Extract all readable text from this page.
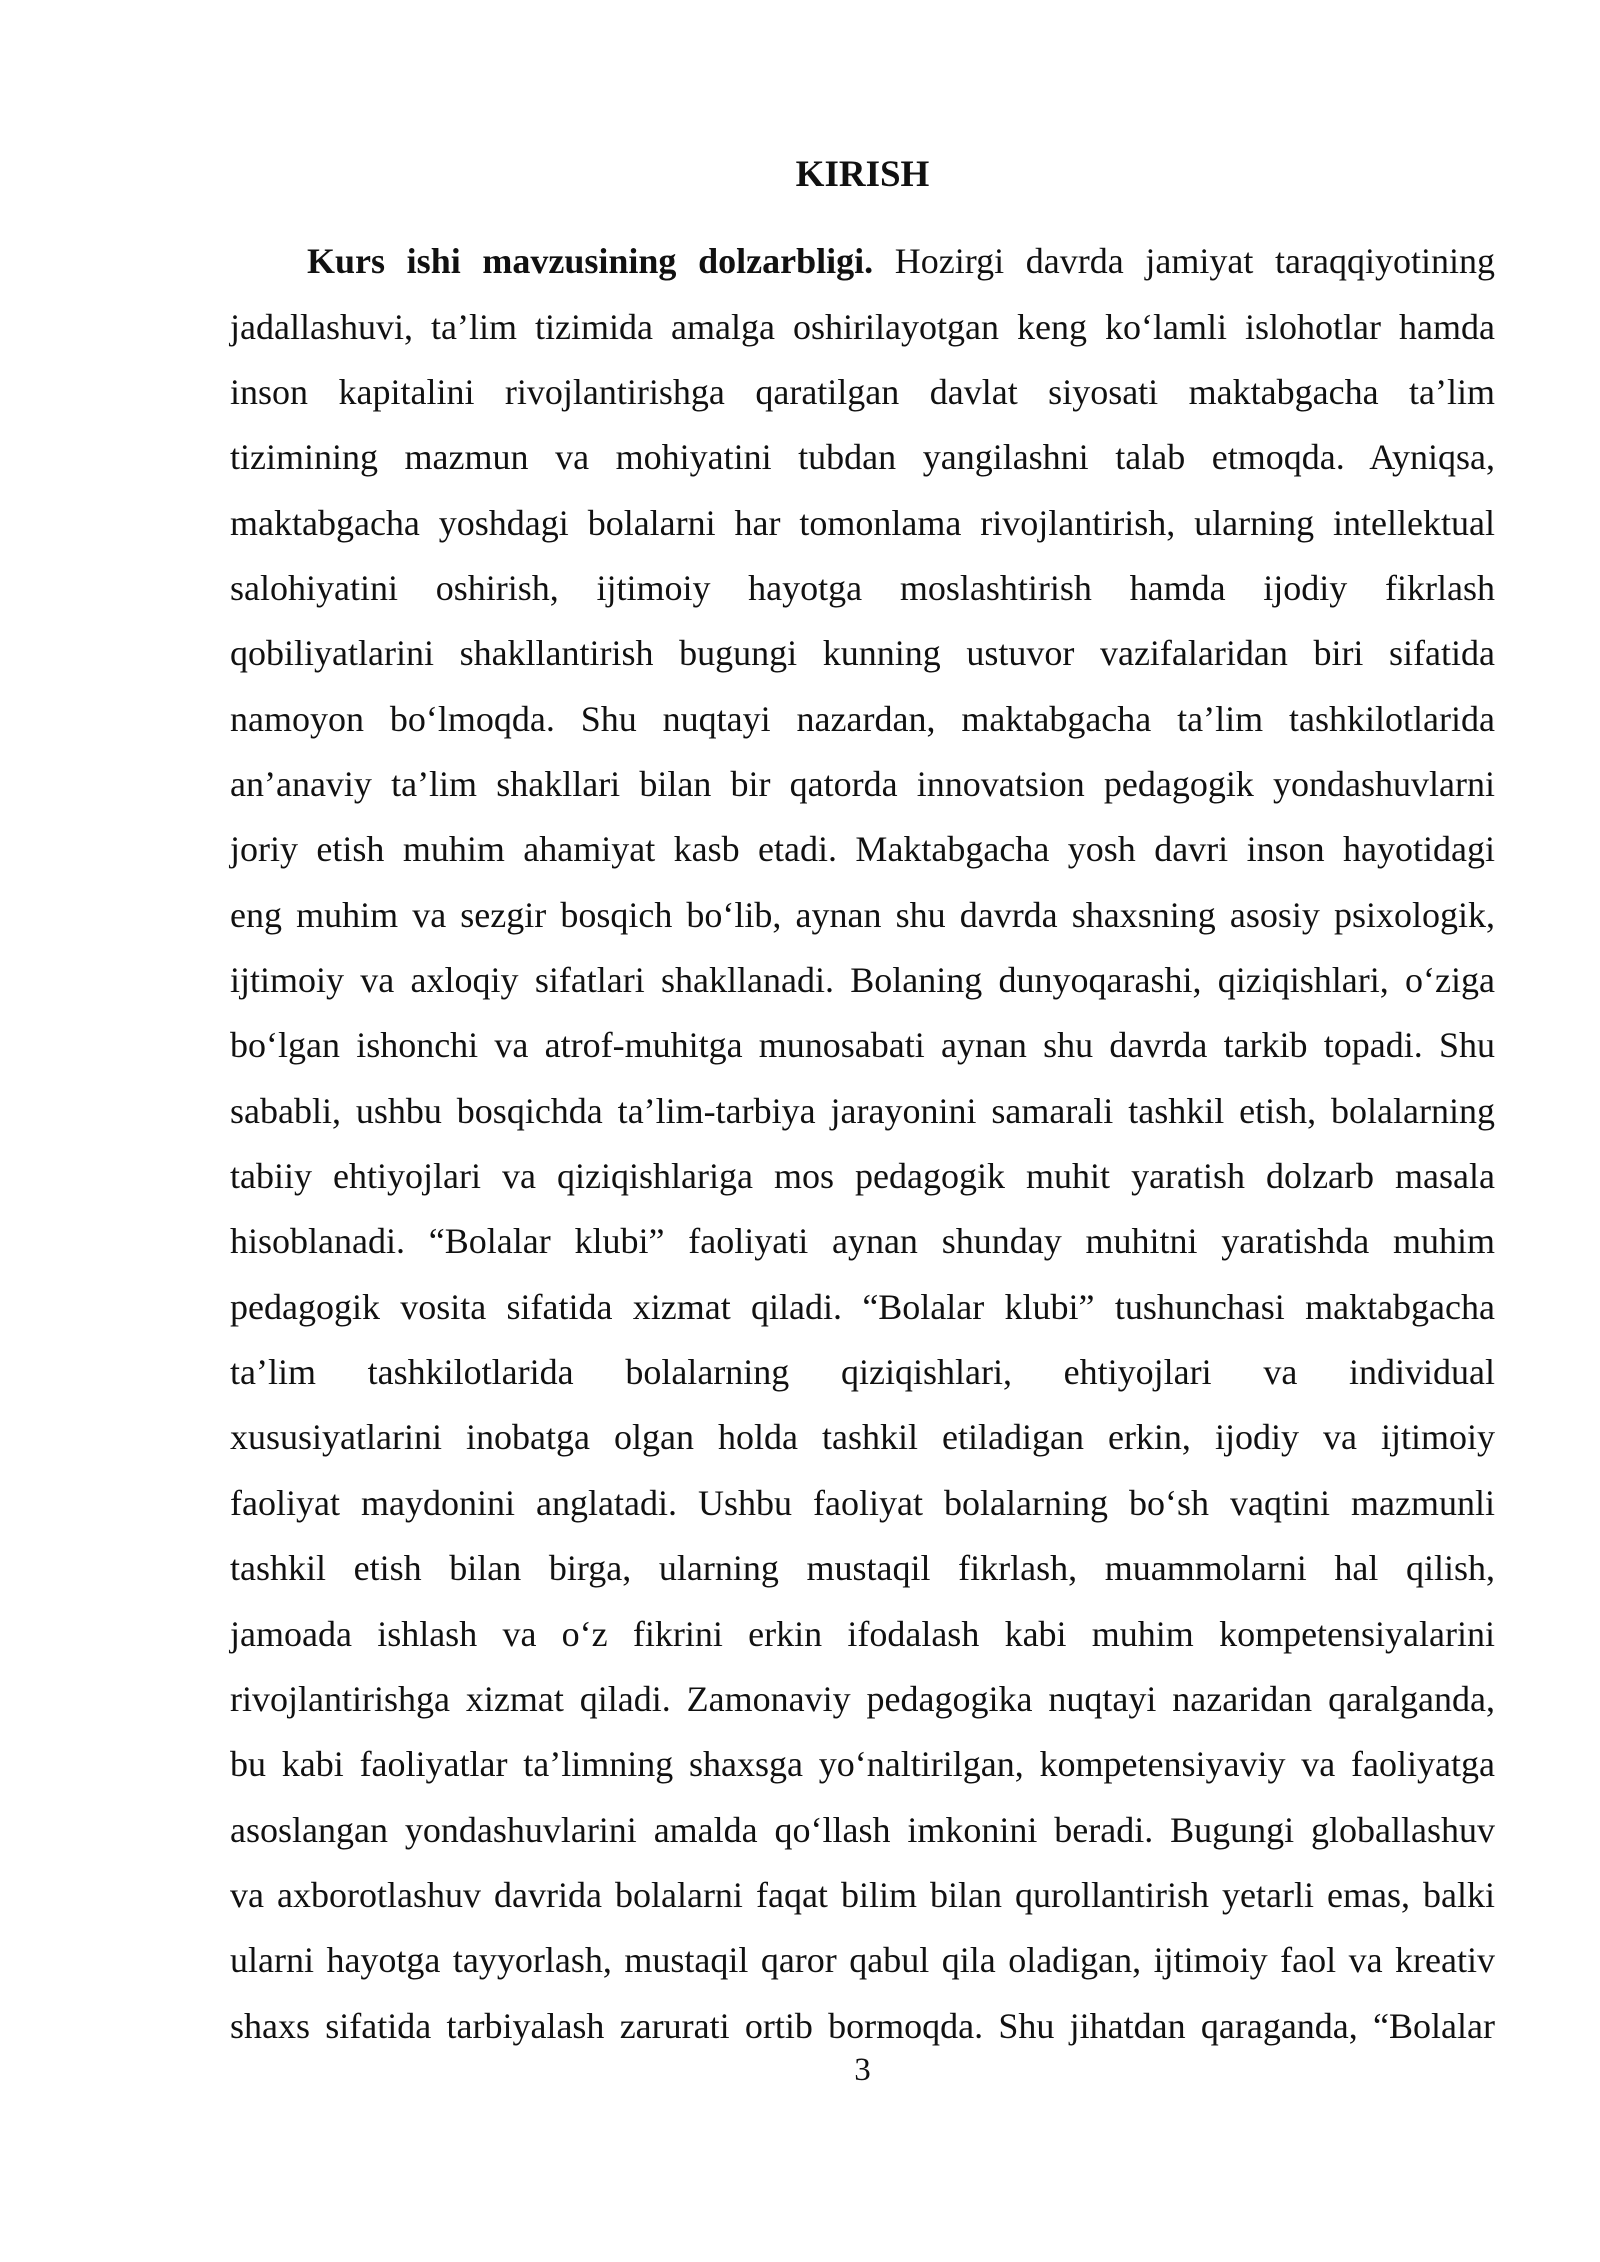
KIRISH
Kurs ishi mavzusining dolzarbligi. Hozirgi davrda jamiyat taraqqiyotining
jadallashuvi, ta’lim tizimida amalga oshirilayotgan keng ko‘lamli islohotlar hamda
inson kapitalini rivojlantirishga qaratilgan davlat siyosati maktabgacha ta’lim
tizimining mazmun va mohiyatini tubdan yangilashni talab etmoqda. Ayniqsa,
maktabgacha yoshdagi bolalarni har tomonlama rivojlantirish, ularning intellektual
salohiyatini oshirish, ijtimoiy hayotga moslashtirish hamda ijodiy fikrlash
qobiliyatlarini shakllantirish bugungi kunning ustuvor vazifalaridan biri sifatida
namoyon bo‘lmoqda. Shu nuqtayi nazardan, maktabgacha ta’lim tashkilotlarida
an’anaviy ta’lim shakllari bilan bir qatorda innovatsion pedagogik yondashuvlarni
joriy etish muhim ahamiyat kasb etadi. Maktabgacha yosh davri inson hayotidagi
eng muhim va sezgir bosqich bo‘lib, aynan shu davrda shaxsning asosiy psixologik,
ijtimoiy va axloqiy sifatlari shakllanadi. Bolaning dunyoqarashi, qiziqishlari, o‘ziga
bo‘lgan ishonchi va atrof-muhitga munosabati aynan shu davrda tarkib topadi. Shu
sababli, ushbu bosqichda ta’lim-tarbiya jarayonini samarali tashkil etish, bolalarning
tabiiy ehtiyojlari va qiziqishlariga mos pedagogik muhit yaratish dolzarb masala
hisoblanadi. “Bolalar klubi” faoliyati aynan shunday muhitni yaratishda muhim
pedagogik vosita sifatida xizmat qiladi. “Bolalar klubi” tushunchasi maktabgacha
ta’lim tashkilotlarida bolalarning qiziqishlari, ehtiyojlari va individual
xususiyatlarini inobatga olgan holda tashkil etiladigan erkin, ijodiy va ijtimoiy
faoliyat maydonini anglatadi. Ushbu faoliyat bolalarning bo‘sh vaqtini mazmunli
tashkil etish bilan birga, ularning mustaqil fikrlash, muammolarni hal qilish,
jamoada ishlash va o‘z fikrini erkin ifodalash kabi muhim kompetensiyalarini
rivojlantirishga xizmat qiladi. Zamonaviy pedagogika nuqtayi nazaridan qaralganda,
bu kabi faoliyatlar ta’limning shaxsga yo‘naltirilgan, kompetensiyaviy va faoliyatga
asoslangan yondashuvlarini amalda qo‘llash imkonini beradi. Bugungi globallashuv
va axborotlashuv davrida bolalarni faqat bilim bilan qurollantirish yetarli emas, balki
ularni hayotga tayyorlash, mustaqil qaror qabul qila oladigan, ijtimoiy faol va kreativ
shaxs sifatida tarbiyalash zarurati ortib bormoqda. Shu jihatdan qaraganda, “Bolalar
3
